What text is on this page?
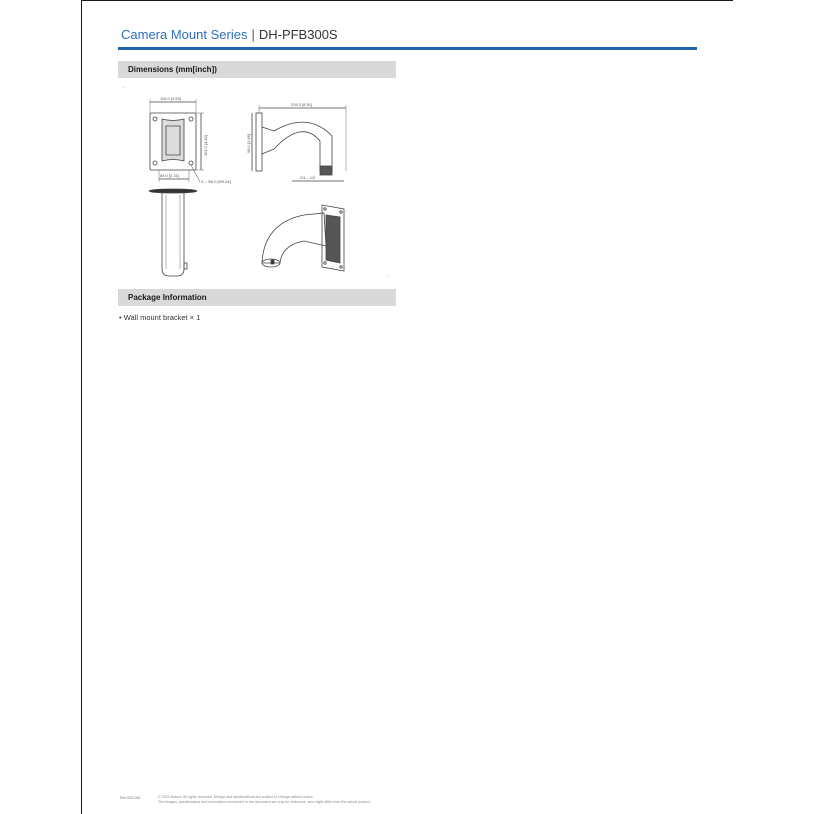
Camera Mount Series | DH-PFB300S
Dimensions (mm[inch])
·
115.0 [4.53]
114.0 [4.49]
84.0 [3.31]
4 – Φ6.0 [Φ0.24]
226.3 [8.91]
98.0 [3.86]
G1 – 1/2
·
Package Information
• Wall mount bracket × 1
Rev 002.000	© 2023 Dahua. All rights reserved. Design and specifications are subject to change without notice.
The images, specifications and information mentioned in the document are only for reference, and might differ from the actual product.
